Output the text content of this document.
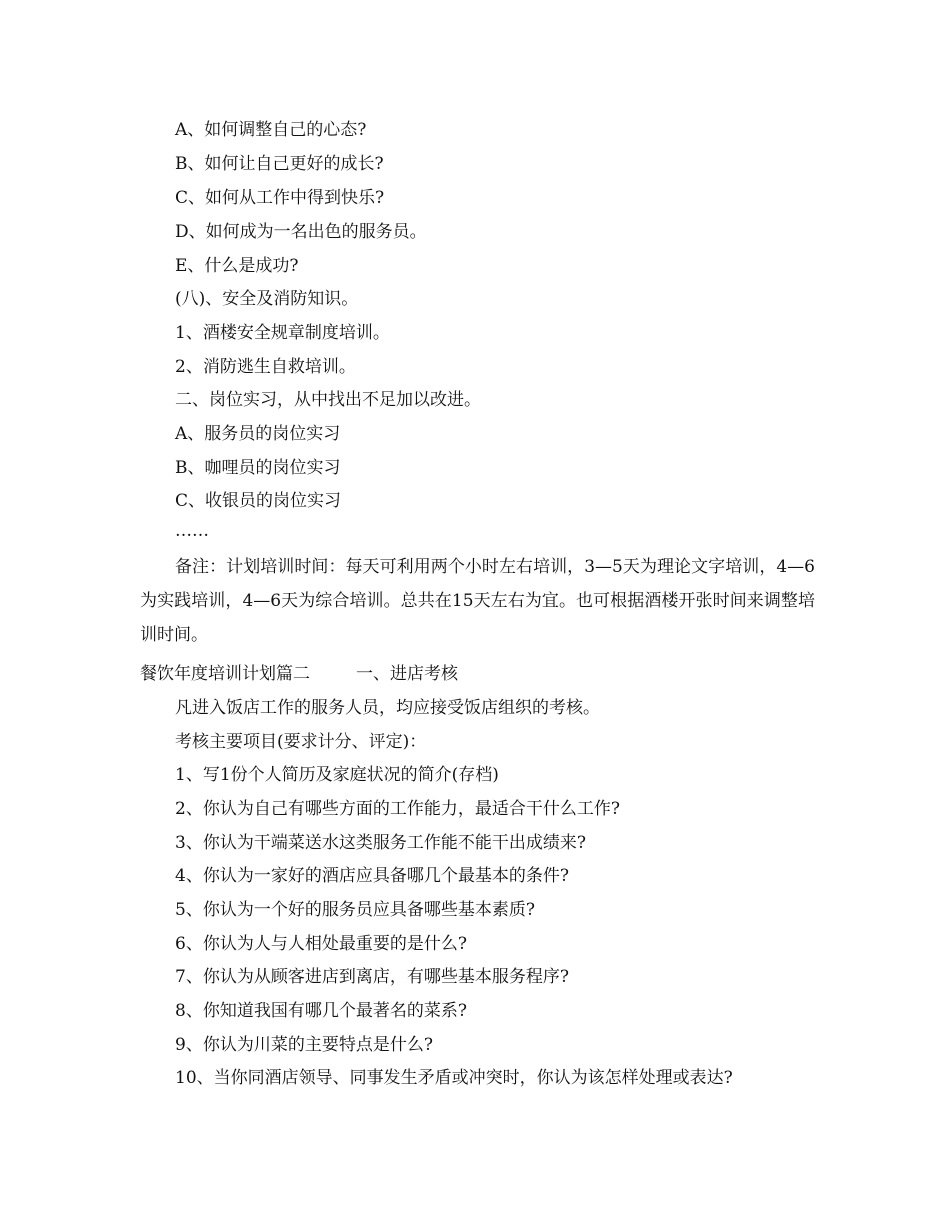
A、如何调整自己的心态?
B、如何让自己更好的成长?
C、如何从工作中得到快乐?
D、如何成为一名出色的服务员。
E、什么是成功?
(八)、安全及消防知识。
1、酒楼安全规章制度培训。
2、消防逃生自救培训。
二、岗位实习，从中找出不足加以改进。
A、服务员的岗位实习
B、咖哩员的岗位实习
C、收银员的岗位实习
……
备注：计划培训时间：每天可利用两个小时左右培训，3—5天为理论文字培训，4—6为实践培训，4—6天为综合培训。总共在15天左右为宜。也可根据酒楼开张时间来调整培训时间。
餐饮年度培训计划篇二	一、进店考核
凡进入饭店工作的服务人员，均应接受饭店组织的考核。
考核主要项目(要求计分、评定)：
1、写1份个人简历及家庭状况的简介(存档)
2、你认为自己有哪些方面的工作能力，最适合干什么工作?
3、你认为干端菜送水这类服务工作能不能干出成绩来?
4、你认为一家好的酒店应具备哪几个最基本的条件?
5、你认为一个好的服务员应具备哪些基本素质?
6、你认为人与人相处最重要的是什么?
7、你认为从顾客进店到离店，有哪些基本服务程序?
8、你知道我国有哪几个最著名的菜系?
9、你认为川菜的主要特点是什么?
10、当你同酒店领导、同事发生矛盾或冲突时，你认为该怎样处理或表达?
